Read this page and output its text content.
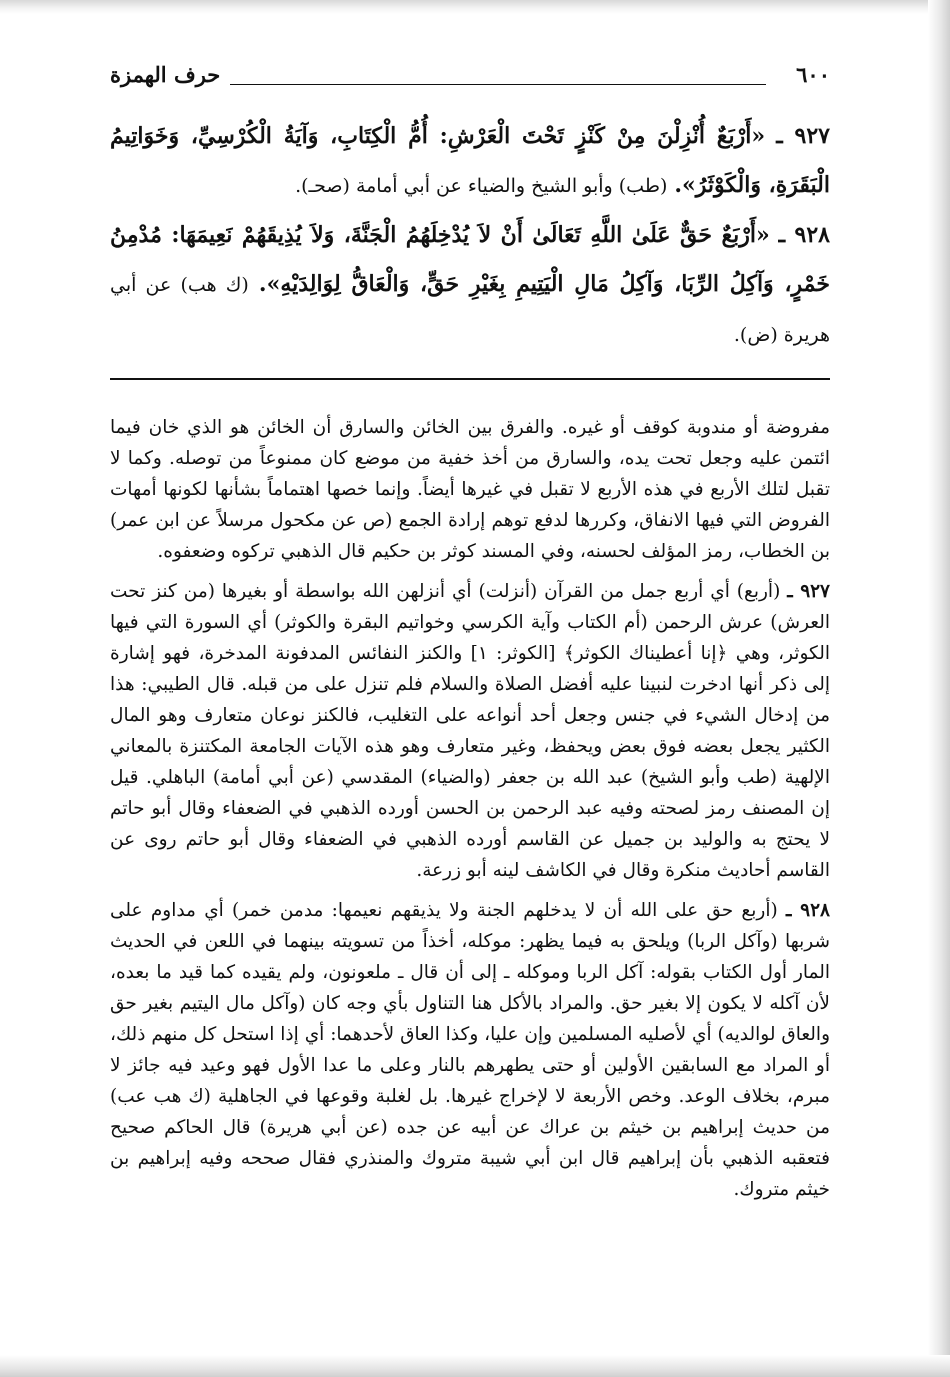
٦٠٠
حرف الهمزة

٩٢٧ ـ «أَرْبَعٌ أُنْزِلْنَ مِنْ كَنْزٍ تَحْتَ الْعَرْشِ: أُمُّ الْكِتَابِ، وَآيَةُ الْكُرْسِيِّ، وَخَوَاتِيمُ الْبَقَرَةِ، وَالْكَوْثَرُ». (طب) وأبو الشيخ والضياء عن أبي أمامة (صحـ).

٩٢٨ ـ «أَرْبَعٌ حَقٌّ عَلَىٰ اللَّهِ تَعَالَىٰ أَنْ لاَ يُدْخِلَهُمُ الْجَنَّةَ، وَلاَ يُذِيقَهُمْ نَعِيمَهَا: مُدْمِنُ خَمْرٍ، وَآكِلُ الرِّبَا، وَآكِلُ مَالِ الْيَتِيمِ بِغَيْرِ حَقٍّ، وَالْعَاقُّ لِوَالِدَيْهِ». (ك هب) عن أبي هريرة (ض).

مفروضة أو مندوبة كوقف أو غيره. والفرق بين الخائن والسارق أن الخائن هو الذي خان فيما ائتمن عليه وجعل تحت يده، والسارق من أخذ خفية من موضع كان ممنوعاً من توصله. وكما لا تقبل لتلك الأربع في هذه الأربع لا تقبل في غيرها أيضاً. وإنما خصها اهتماماً بشأنها لكونها أمهات الفروض التي فيها الانفاق، وكررها لدفع توهم إرادة الجمع (ص عن مكحول مرسلاً عن ابن عمر) بن الخطاب، رمز المؤلف لحسنه، وفي المسند كوثر بن حكيم قال الذهبي تركوه وضعفوه.

٩٢٧ ـ (أربع) أي أربع جمل من القرآن (أنزلت) أي أنزلهن الله بواسطة أو بغيرها (من كنز تحت العرش) عرش الرحمن (أم الكتاب وآية الكرسي وخواتيم البقرة والكوثر) أي السورة التي فيها الكوثر، وهي ﴿إنا أعطيناك الكوثر﴾ [الكوثر: ١] والكنز النفائس المدفونة المدخرة، فهو إشارة إلى ذكر أنها ادخرت لنبينا عليه أفضل الصلاة والسلام فلم تنزل على من قبله. قال الطيبي: هذا من إدخال الشيء في جنس وجعل أحد أنواعه على التغليب، فالكنز نوعان متعارف وهو المال الكثير يجعل بعضه فوق بعض ويحفظ، وغير متعارف وهو هذه الآيات الجامعة المكتنزة بالمعاني الإلهية (طب وأبو الشيخ) عبد الله بن جعفر (والضياء) المقدسي (عن أبي أمامة) الباهلي. قيل إن المصنف رمز لصحته وفيه عبد الرحمن بن الحسن أورده الذهبي في الضعفاء وقال أبو حاتم لا يحتج به والوليد بن جميل عن القاسم أورده الذهبي في الضعفاء وقال أبو حاتم روى عن القاسم أحاديث منكرة وقال في الكاشف لينه أبو زرعة.

٩٢٨ ـ (أربع حق على الله أن لا يدخلهم الجنة ولا يذيقهم نعيمها: مدمن خمر) أي مداوم على شربها (وآكل الربا) ويلحق به فيما يظهر: موكله، أخذاً من تسويته بينهما في اللعن في الحديث المار أول الكتاب بقوله: آكل الربا وموكله ـ إلى أن قال ـ ملعونون، ولم يقيده كما قيد ما بعده، لأن آكله لا يكون إلا بغير حق. والمراد بالأكل هنا التناول بأي وجه كان (وآكل مال اليتيم بغير حق والعاق لوالديه) أي لأصليه المسلمين وإن عليا، وكذا العاق لأحدهما: أي إذا استحل كل منهم ذلك، أو المراد مع السابقين الأولين أو حتى يطهرهم بالنار وعلى ما عدا الأول فهو وعيد فيه جائز لا مبرم، بخلاف الوعد. وخص الأربعة لا لإخراج غيرها. بل لغلبة وقوعها في الجاهلية (ك هب عب) من حديث إبراهيم بن خيثم بن عراك عن أبيه عن جده (عن أبي هريرة) قال الحاكم صحيح فتعقبه الذهبي بأن إبراهيم قال ابن أبي شيبة متروك والمنذري فقال صححه وفيه إبراهيم بن خيثم متروك.
